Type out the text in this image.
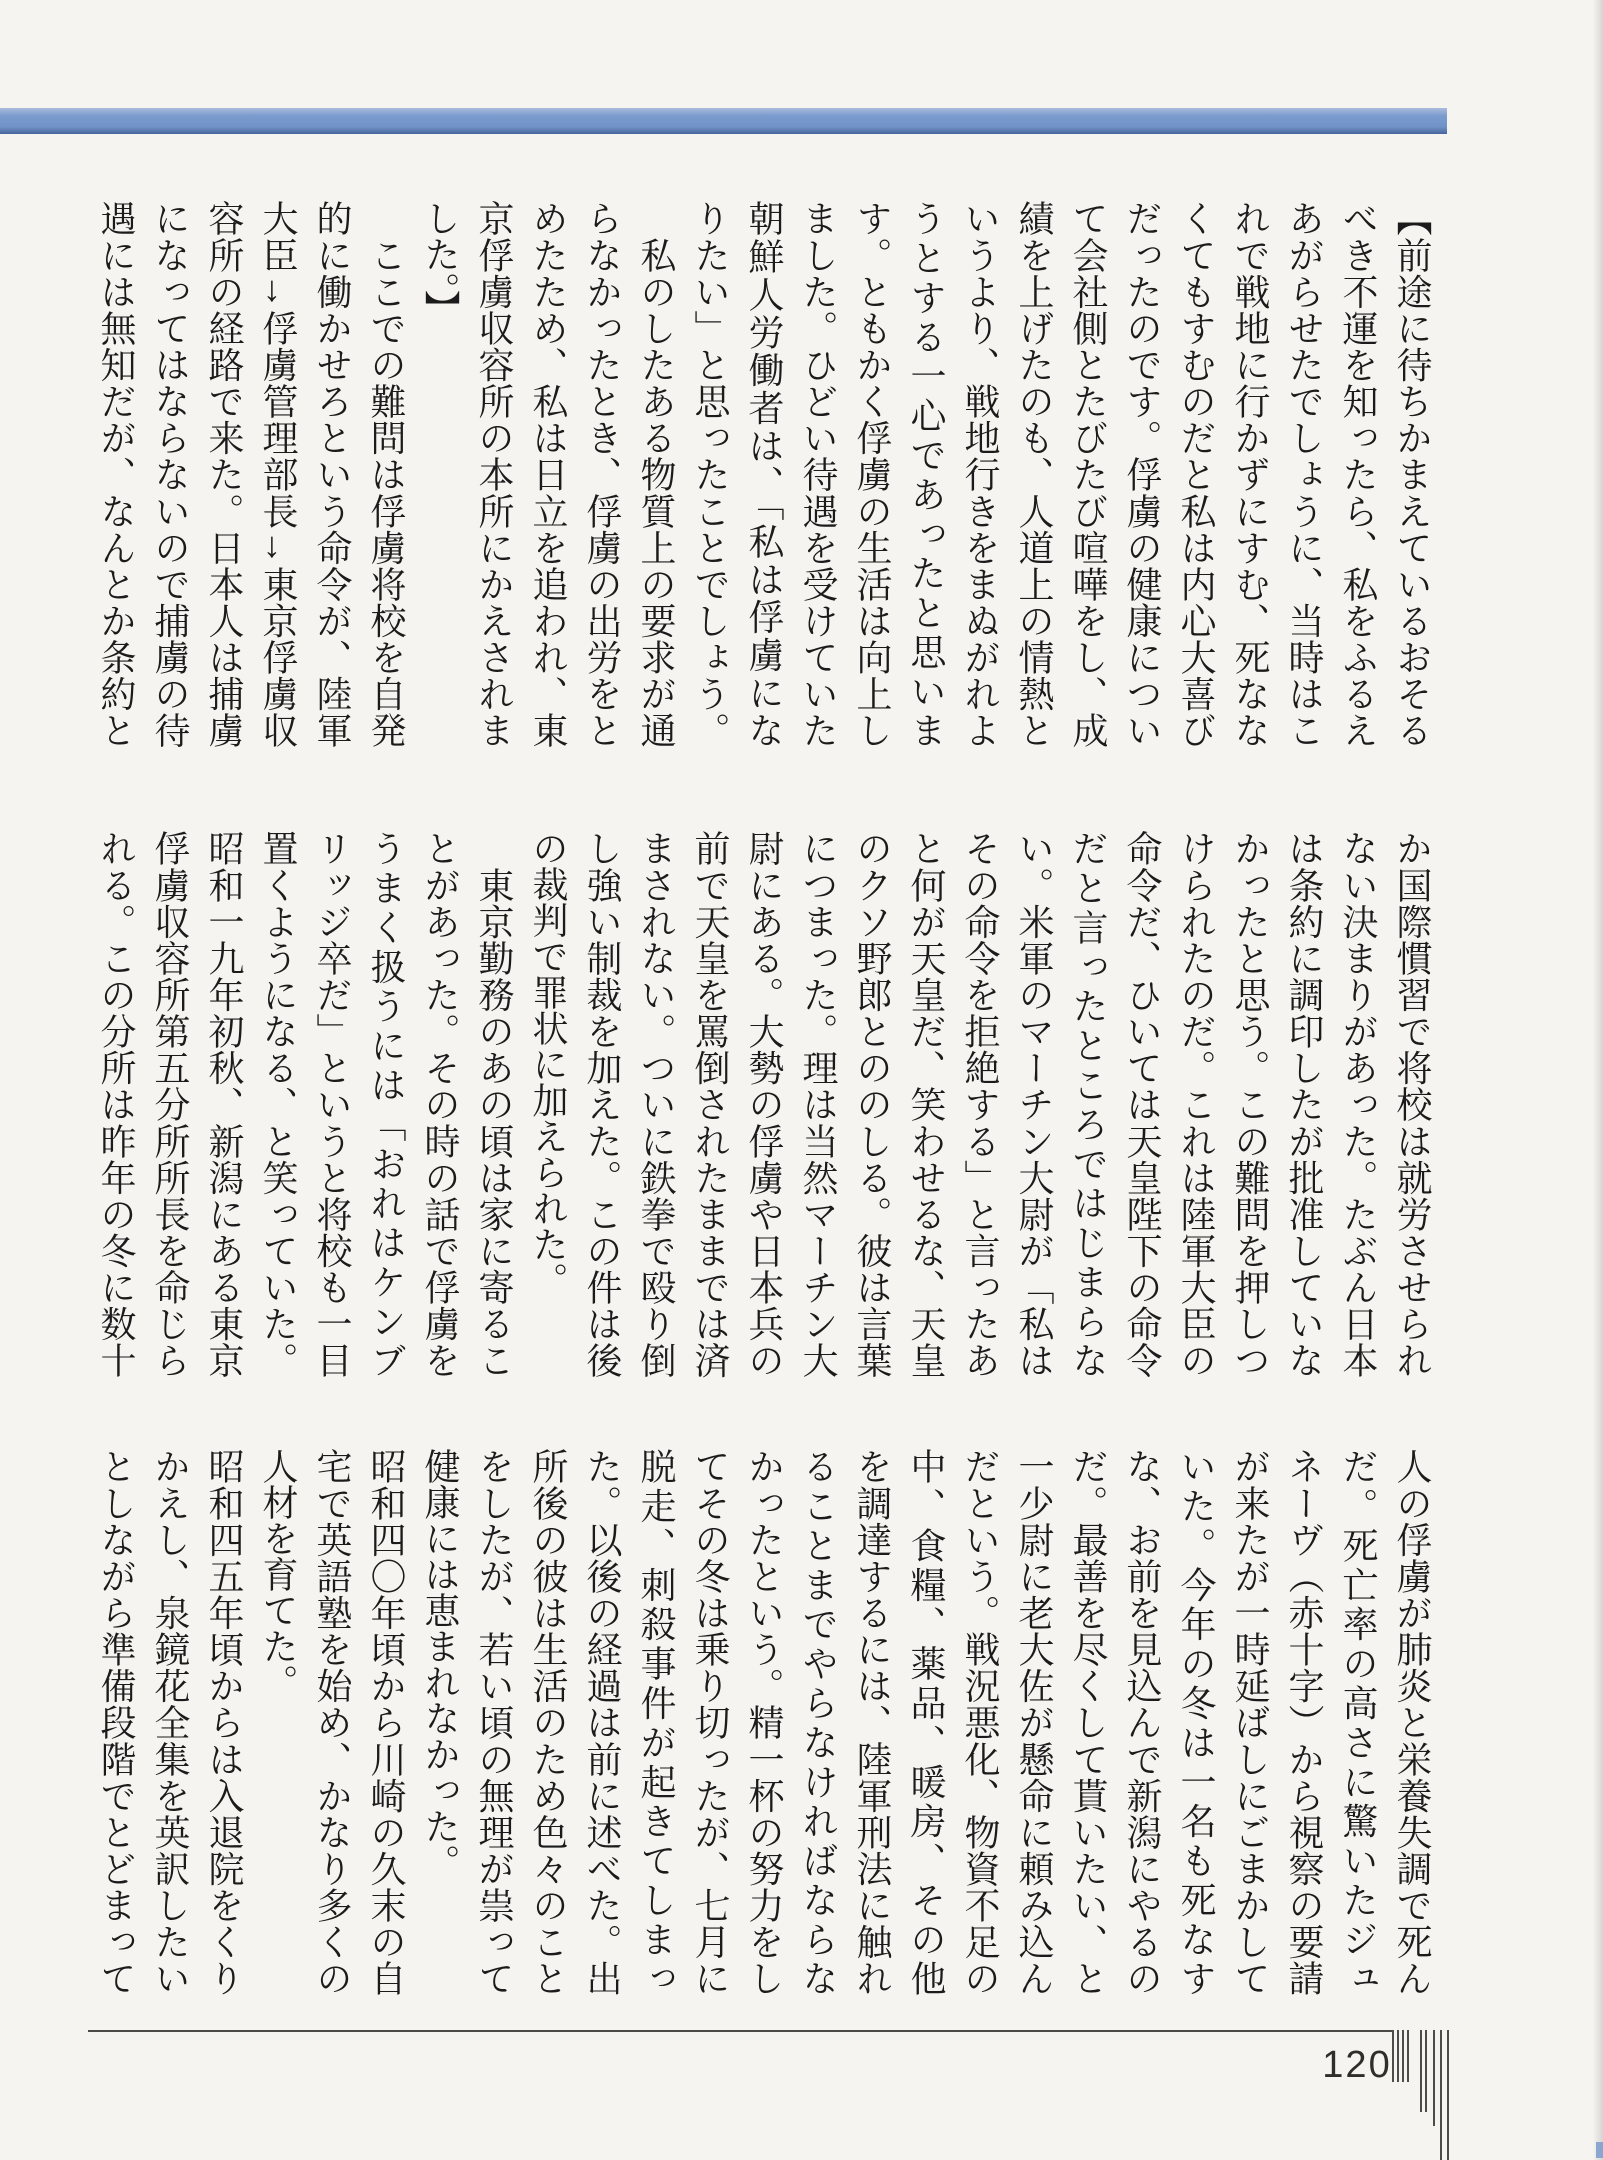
【前途に待ちかまえているおそる
べき不運を知ったら、私をふるえ
あがらせたでしょうに、当時はこ
れで戦地に行かずにすむ、死なな
くてもすむのだと私は内心大喜び
だったのです。俘虜の健康につい
て会社側とたびたび喧嘩をし、成
績を上げたのも、人道上の情熱と
いうより、戦地行きをまぬがれよ
うとする一心であったと思いま
す。ともかく俘虜の生活は向上し
ました。ひどい待遇を受けていた
朝鮮人労働者は、「私は俘虜にな
りたい」と思ったことでしょう。
　私のしたある物質上の要求が通
らなかったとき、俘虜の出労をと
めたため、私は日立を追われ、東
京俘虜収容所の本所にかえされま
した。】
　ここでの難問は俘虜将校を自発
的に働かせろという命令が、陸軍
大臣→俘虜管理部長→東京俘虜収
容所の経路で来た。日本人は捕虜
になってはならないので捕虜の待
遇には無知だが、なんとか条約と
か国際慣習で将校は就労させられ
ない決まりがあった。たぶん日本
は条約に調印したが批准していな
かったと思う。この難問を押しつ
けられたのだ。これは陸軍大臣の
命令だ、ひいては天皇陛下の命令
だと言ったところではじまらな
い。米軍のマーチン大尉が「私は
その命令を拒絶する」と言ったあ
と何が天皇だ、笑わせるな、天皇
のクソ野郎とののしる。彼は言葉
につまった。理は当然マーチン大
尉にある。大勢の俘虜や日本兵の
前で天皇を罵倒されたままでは済
まされない。ついに鉄拳で殴り倒
し強い制裁を加えた。この件は後
の裁判で罪状に加えられた。
　東京勤務のあの頃は家に寄るこ
とがあった。その時の話で俘虜を
うまく扱うには「おれはケンブ
リッジ卒だ」というと将校も一目
置くようになる、と笑っていた。
昭和一九年初秋、新潟にある東京
俘虜収容所第五分所所長を命じら
れる。この分所は昨年の冬に数十
人の俘虜が肺炎と栄養失調で死ん
だ。死亡率の高さに驚いたジュ
ネーヴ（赤十字）から視察の要請
が来たが一時延ばしにごまかして
いた。今年の冬は一名も死なす
な、お前を見込んで新潟にやるの
だ。最善を尽くして貰いたい、と
一少尉に老大佐が懸命に頼み込ん
だという。戦況悪化、物資不足の
中、食糧、薬品、暖房、その他
を調達するには、陸軍刑法に触れ
ることまでやらなければならな
かったという。精一杯の努力をし
てその冬は乗り切ったが、七月に
脱走、刺殺事件が起きてしまっ
た。以後の経過は前に述べた。出
所後の彼は生活のため色々のこと
をしたが、若い頃の無理が祟って
健康には恵まれなかった。
昭和四〇年頃から川崎の久末の自
宅で英語塾を始め、かなり多くの
人材を育てた。
昭和四五年頃からは入退院をくり
かえし、泉鏡花全集を英訳したい
としながら準備段階でとどまって
120
